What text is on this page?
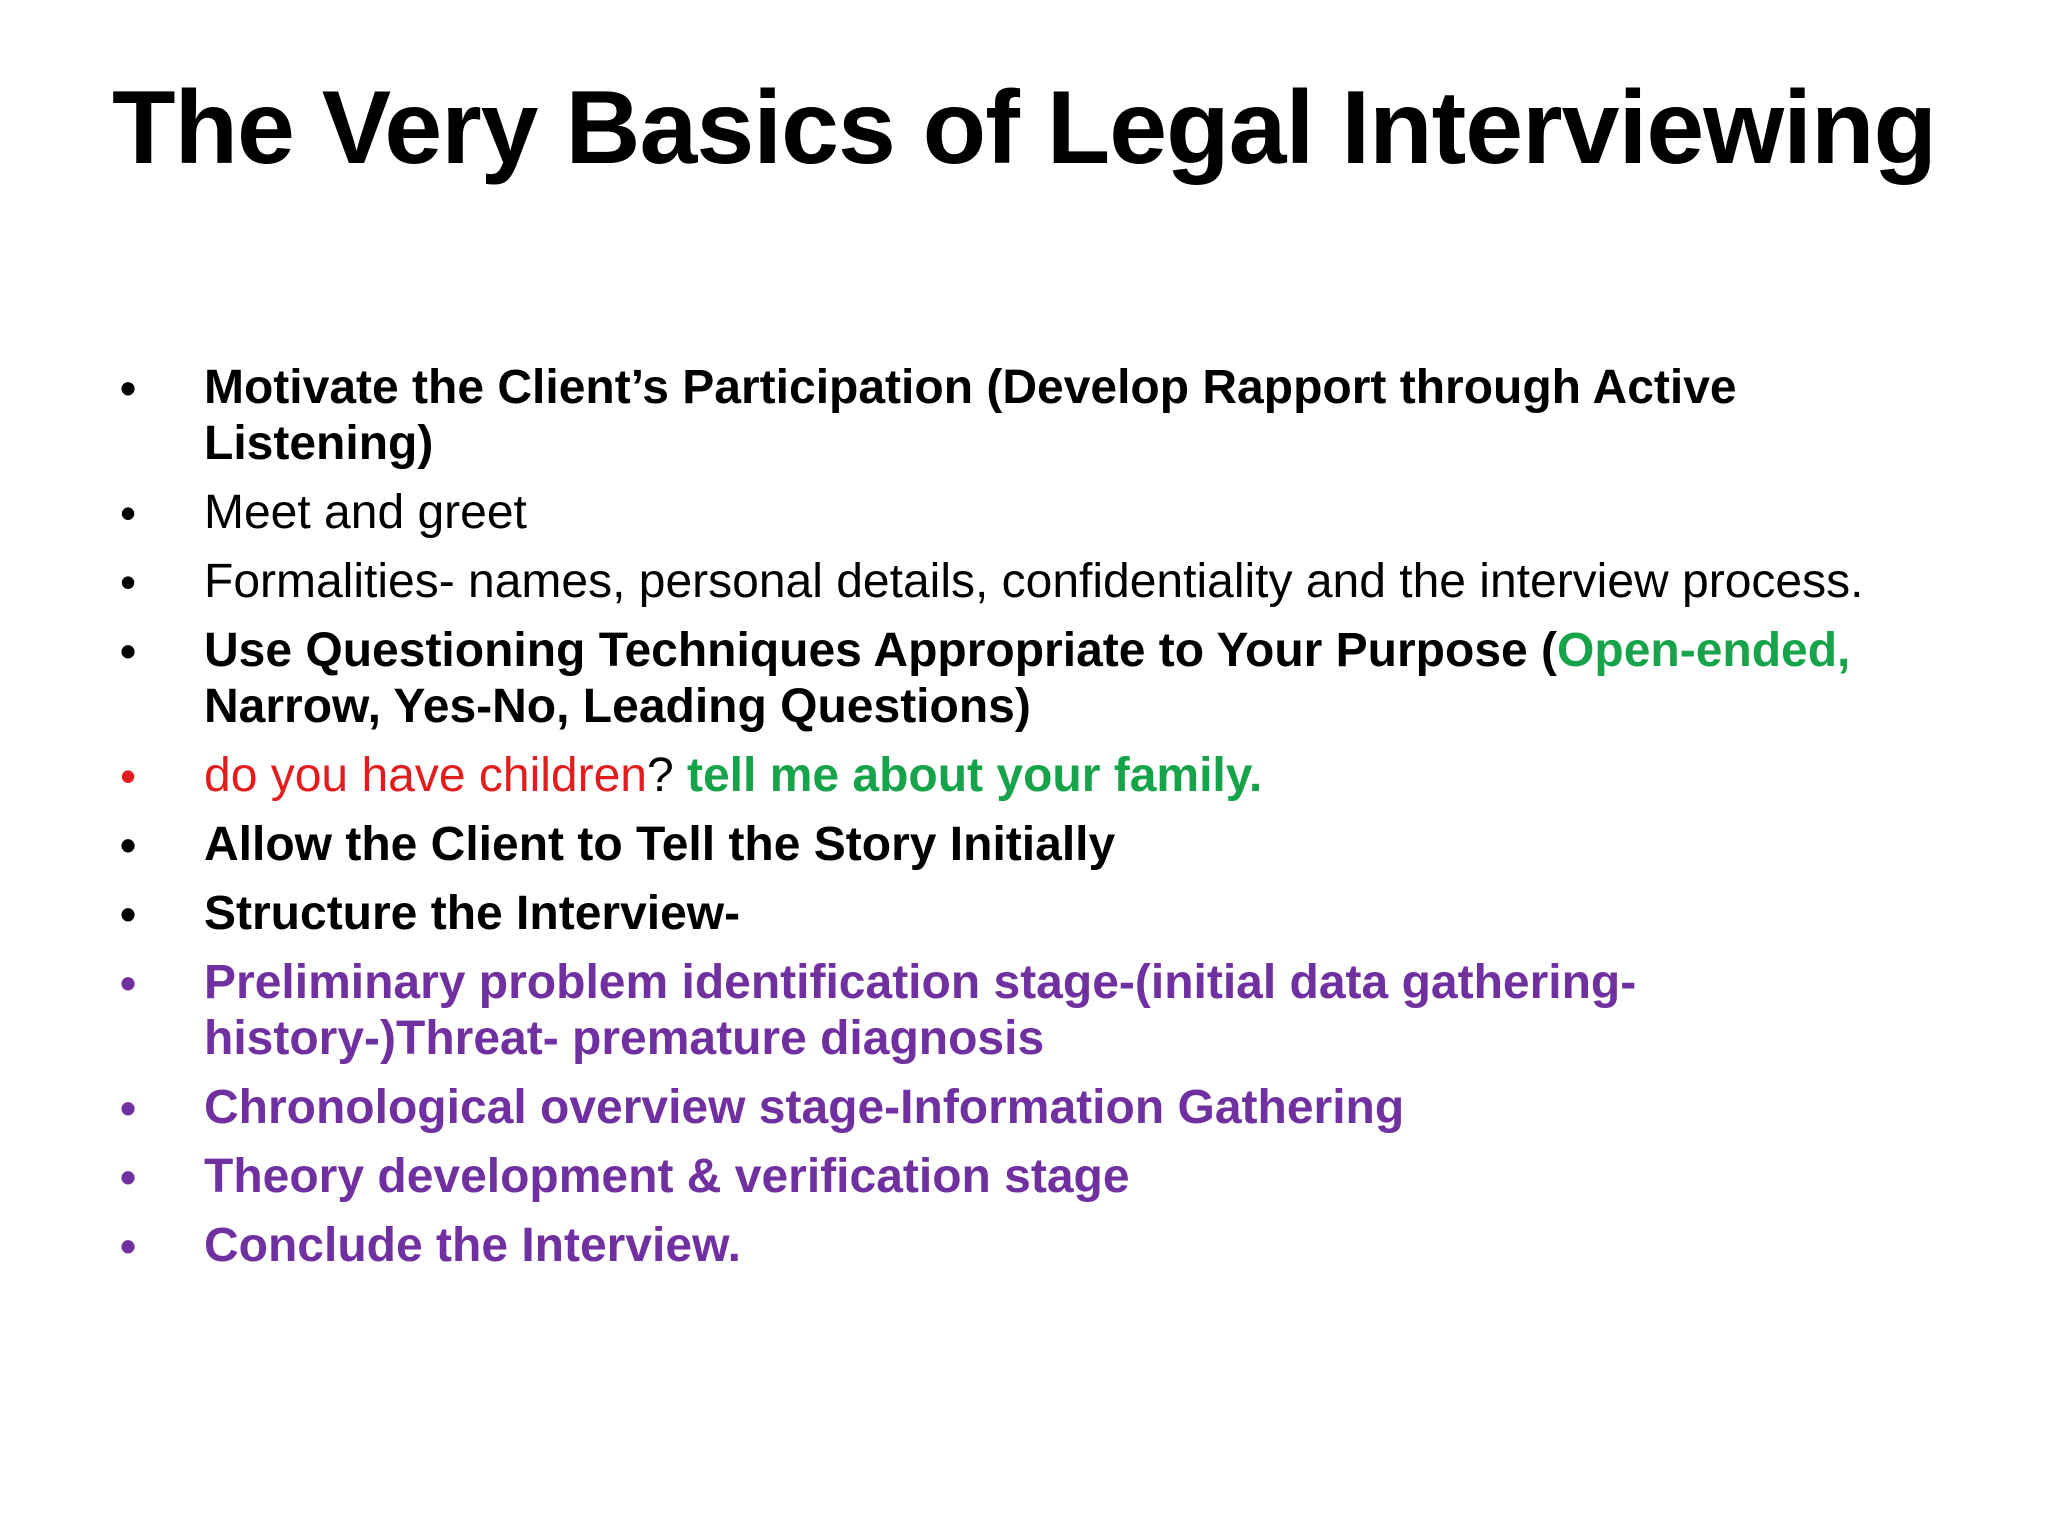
The Very Basics of Legal Interviewing
•	Motivate the Client’s Participation (Develop Rapport through Active Listening)
•	Meet and greet
•	Formalities- names, personal details, confidentiality and the interview process.
•	Use Questioning Techniques Appropriate to Your Purpose (Open-ended, Narrow, Yes-No, Leading Questions)
•	do you have children? tell me about your family.
•	Allow the Client to Tell the Story Initially
•	Structure the Interview-
•	Preliminary problem identification stage-(initial data gathering-history-)Threat- premature diagnosis
•	Chronological overview stage-Information Gathering
•	Theory development & verification stage
•	Conclude the Interview.
